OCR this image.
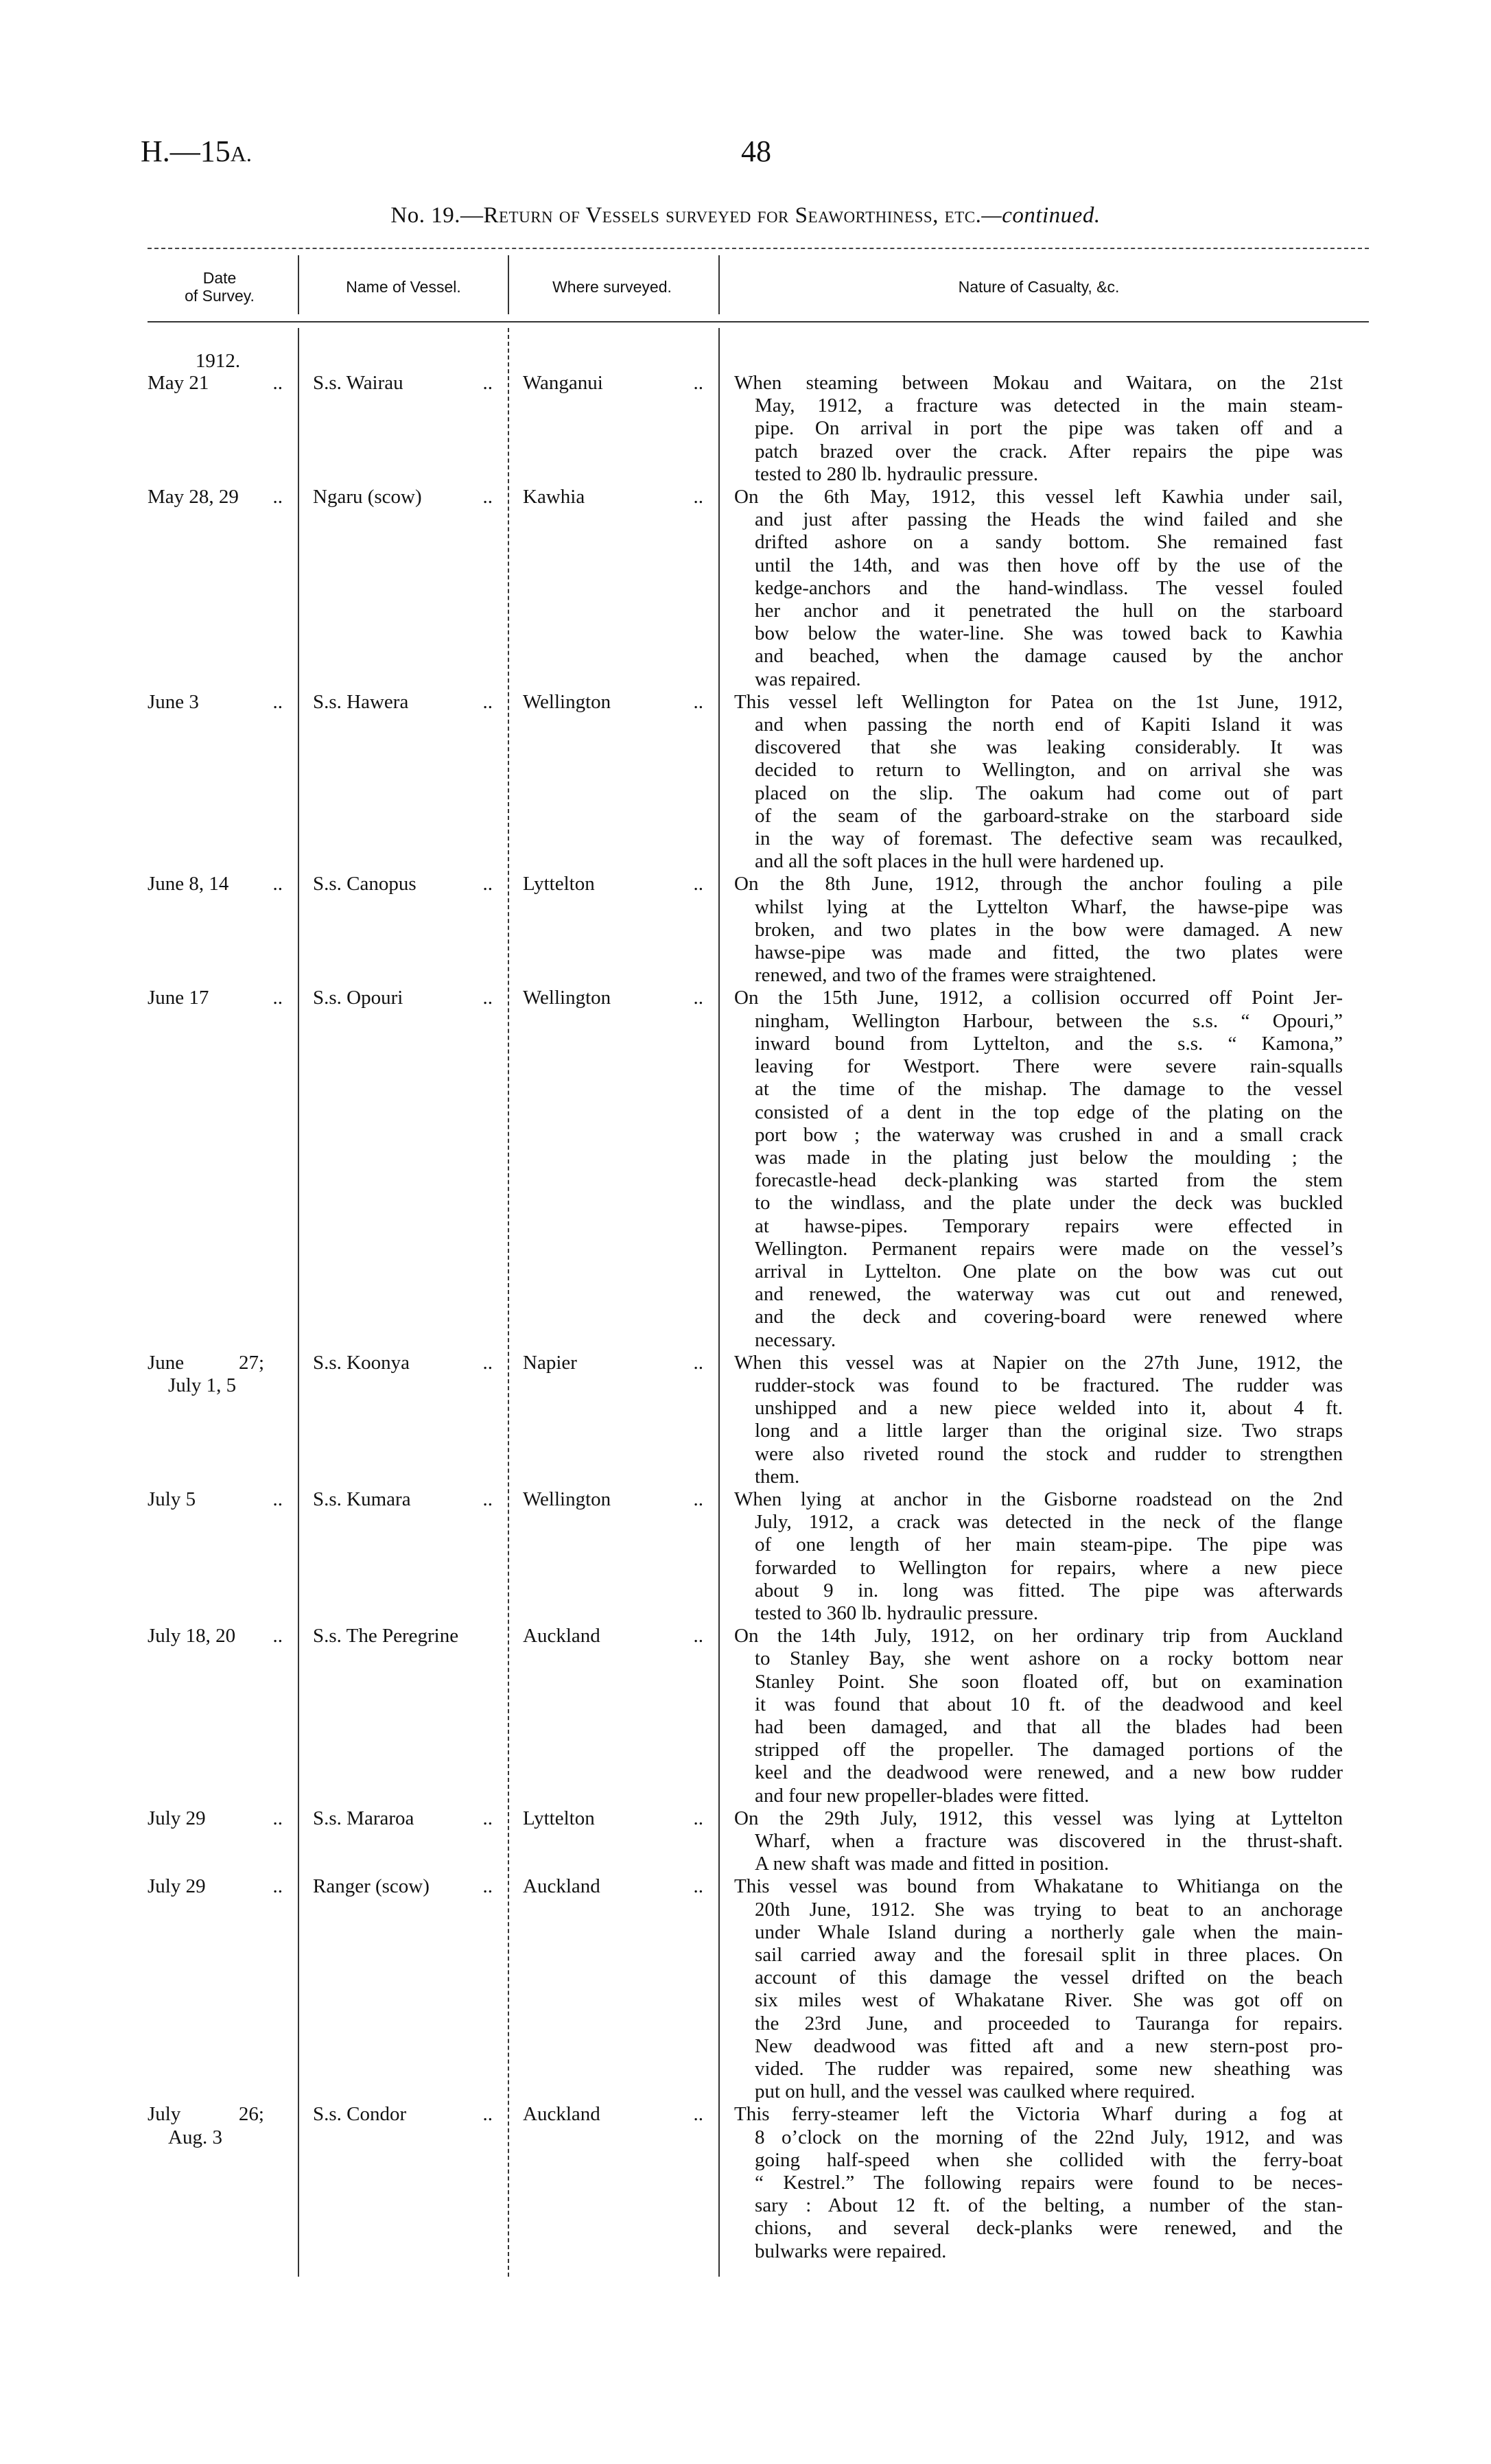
H.—15A.	48
No. 19.—Return of Vessels surveyed for Seaworthiness, etc.—continued.
Date
of Survey.	Name of Vessel.	Where surveyed.	Nature of Casualty, &c.
1912.
May 21	..	S.s. Wairau	..	Wanganui	.. When steaming between Mokau and Waitara, on the 21st
May, 1912, a fracture was detected in the main steam-
pipe. On arrival in port the pipe was taken off and a
patch brazed over the crack. After repairs the pipe was
tested to 280 lb. hydraulic pressure.
May 28, 29	..	Ngaru (scow)	..	Kawhia	.. On the 6th May, 1912, this vessel left Kawhia under sail,
and just after passing the Heads the wind failed and she
drifted ashore on a sandy bottom. She remained fast
until the 14th, and was then hove off by the use of the
kedge-anchors and the hand-windlass. The vessel fouled
her anchor and it penetrated the hull on the starboard
bow below the water-line. She was towed back to Kawhia
and beached, when the damage caused by the anchor
was repaired.
June 3	..	S.s. Hawera	..	Wellington	.. This vessel left Wellington for Patea on the 1st June, 1912,
and when passing the north end of Kapiti Island it was
discovered that she was leaking considerably. It was
decided to return to Wellington, and on arrival she was
placed on the slip. The oakum had come out of part
of the seam of the garboard-strake on the starboard side
in the way of foremast. The defective seam was recaulked,
and all the soft places in the hull were hardened up.
June 8, 14	..	S.s. Canopus	..	Lyttelton	.. On the 8th June, 1912, through the anchor fouling a pile
whilst lying at the Lyttelton Wharf, the hawse-pipe was
broken, and two plates in the bow were damaged. A new
hawse-pipe was made and fitted, the two plates were
renewed, and two of the frames were straightened.
June 17	..	S.s. Opouri	..	Wellington	.. On the 15th June, 1912, a collision occurred off Point Jer-
ningham, Wellington Harbour, between the s.s. “ Opouri,”
inward bound from Lyttelton, and the s.s. “ Kamona,”
leaving for Westport. There were severe rain-squalls
at the time of the mishap. The damage to the vessel
consisted of a dent in the top edge of the plating on the
port bow ; the waterway was crushed in and a small crack
was made in the plating just below the moulding ; the
forecastle-head deck-planking was started from the stem
to the windlass, and the plate under the deck was buckled
at hawse-pipes. Temporary repairs were effected in
Wellington. Permanent repairs were made on the vessel’s
arrival in Lyttelton. One plate on the bow was cut out
and renewed, the waterway was cut out and renewed,
and the deck and covering-board were renewed where
necessary.
June 27;
July 1, 5
S.s. Koonya	..	Napier	.. When this vessel was at Napier on the 27th June, 1912, the
rudder-stock was found to be fractured. The rudder was
unshipped and a new piece welded into it, about 4 ft.
long and a little larger than the original size. Two straps
were also riveted round the stock and rudder to strengthen
them.
July 5	..	S.s. Kumara	..	Wellington	.. When lying at anchor in the Gisborne roadstead on the 2nd
July, 1912, a crack was detected in the neck of the flange
of one length of her main steam-pipe. The pipe was
forwarded to Wellington for repairs, where a new piece
about 9 in. long was fitted. The pipe was afterwards
tested to 360 lb. hydraulic pressure.
July 18, 20	..	S.s. The Peregrine	Auckland	.. On the 14th July, 1912, on her ordinary trip from Auckland
to Stanley Bay, she went ashore on a rocky bottom near
Stanley Point. She soon floated off, but on examination
it was found that about 10 ft. of the deadwood and keel
had been damaged, and that all the blades had been
stripped off the propeller. The damaged portions of the
keel and the deadwood were renewed, and a new bow rudder
and four new propeller-blades were fitted.
July 29	..	S.s. Mararoa	..	Lyttelton	.. On the 29th July, 1912, this vessel was lying at Lyttelton
Wharf, when a fracture was discovered in the thrust-shaft.
A new shaft was made and fitted in position.
July 29	..	Ranger (scow)	..	Auckland	.. This vessel was bound from Whakatane to Whitianga on the
20th June, 1912. She was trying to beat to an anchorage
under Whale Island during a northerly gale when the main-
sail carried away and the foresail split in three places. On
account of this damage the vessel drifted on the beach
six miles west of Whakatane River. She was got off on
the 23rd June, and proceeded to Tauranga for repairs.
New deadwood was fitted aft and a new stern-post pro-
vided. The rudder was repaired, some new sheathing was
put on hull, and the vessel was caulked where required.
July 26;
Aug. 3
S.s. Condor	..	Auckland	.. This ferry-steamer left the Victoria Wharf during a fog at
8 o’clock on the morning of the 22nd July, 1912, and was
going half-speed when she collided with the ferry-boat
“ Kestrel.” The following repairs were found to be neces-
sary : About 12 ft. of the belting, a number of the stan-
chions, and several deck-planks were renewed, and the
bulwarks were repaired.
